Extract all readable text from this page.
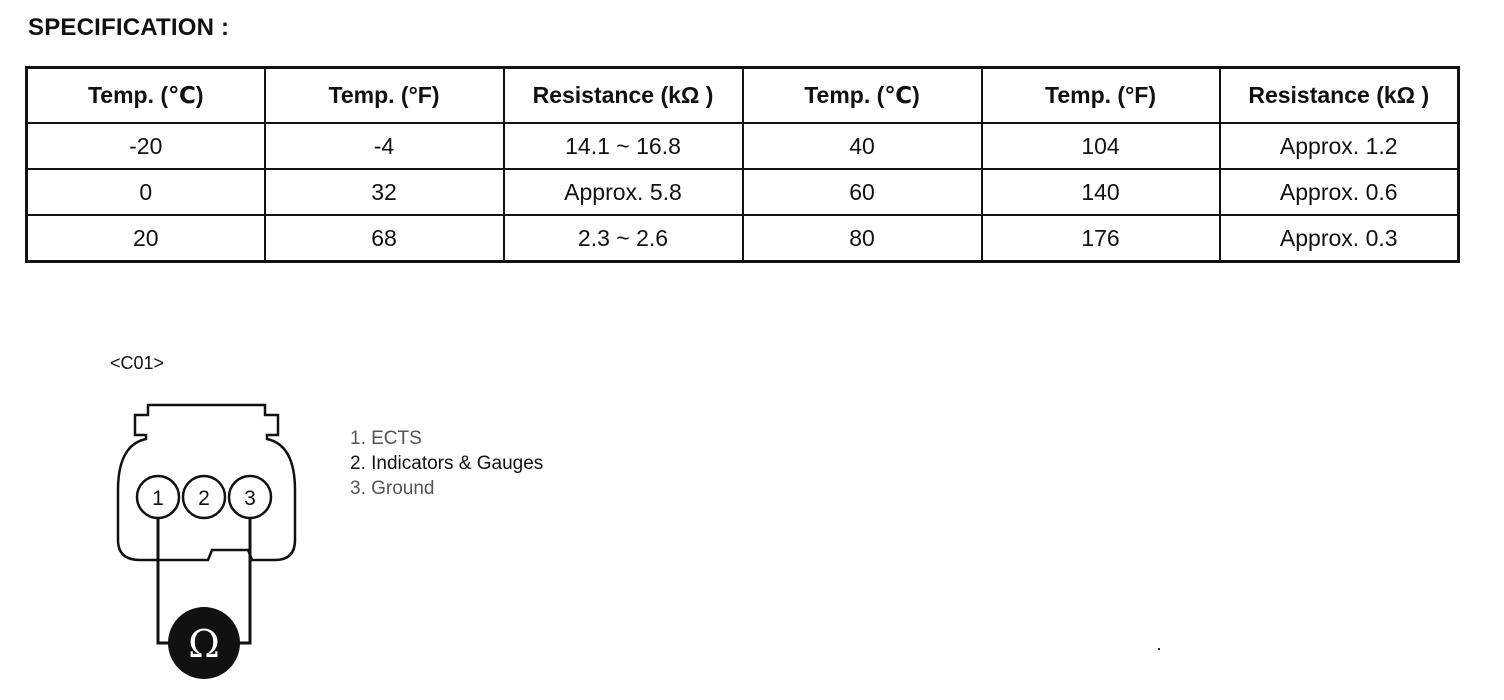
SPECIFICATION :
Temp. (℃)	Temp. (°F)	Resistance (kΩ )	Temp. (℃)	Temp. (°F)	Resistance (kΩ )
-20	-4	14.1 ~ 16.8	40	104	Approx. 1.2
0	32	Approx. 5.8	60	140	Approx. 0.6
20	68	2.3 ~ 2.6	80	176	Approx. 0.3
<C01>
1 2 3
Ω
1. ECTS
2. Indicators & Gauges
3. Ground
